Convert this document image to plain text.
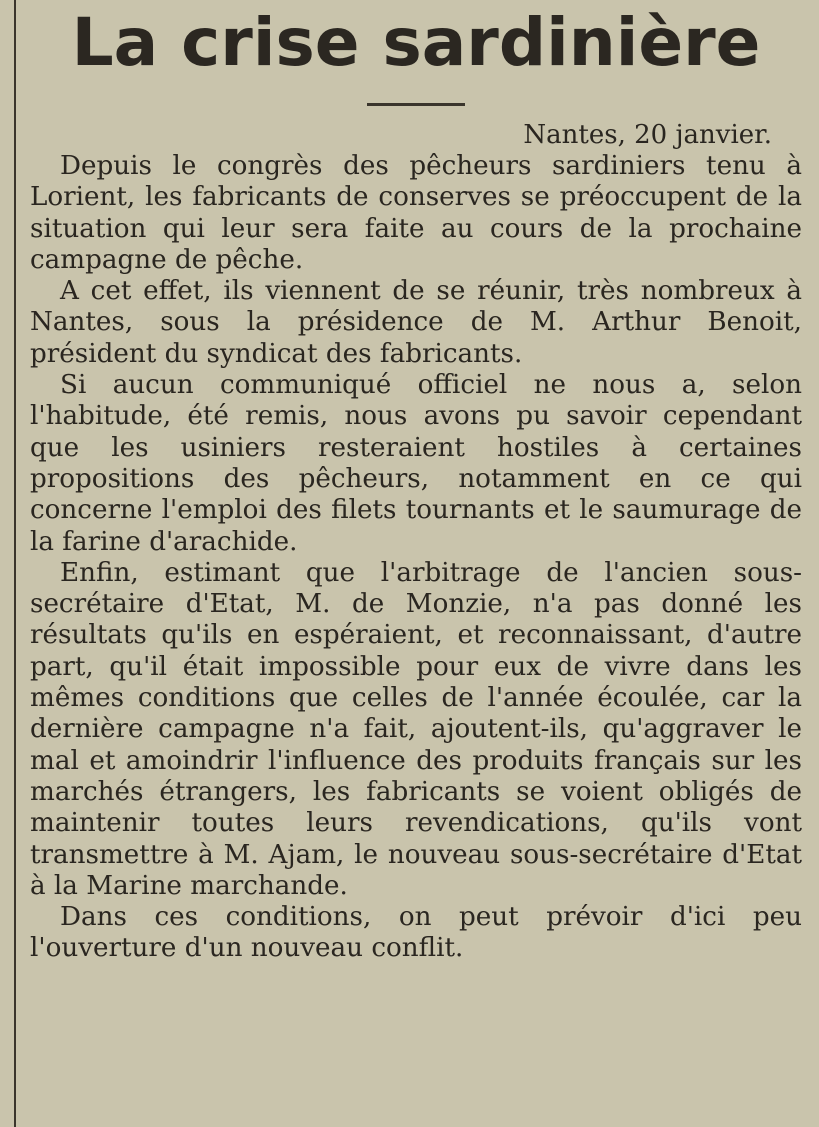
La crise sardinière
Nantes, 20 janvier.

Depuis le congrès des pêcheurs sardiniers tenu à Lorient, les fabricants de conserves se préoccupent de la situation qui leur sera faite au cours de la prochaine campagne de pêche.

A cet effet, ils viennent de se réunir, très nombreux à Nantes, sous la présidence de M. Arthur Benoit, président du syndicat des fabricants.

Si aucun communiqué officiel ne nous a, selon l'habitude, été remis, nous avons pu savoir cependant que les usiniers resteraient hostiles à certaines propositions des pêcheurs, notamment en ce qui concerne l'emploi des filets tournants et le saumurage de la farine d'arachide.

Enfin, estimant que l'arbitrage de l'ancien sous-secrétaire d'Etat, M. de Monzie, n'a pas donné les résultats qu'ils en espéraient, et reconnaissant, d'autre part, qu'il était impossible pour eux de vivre dans les mêmes conditions que celles de l'année écoulée, car la dernière campagne n'a fait, ajoutent-ils, qu'aggraver le mal et amoindrir l'influence des produits français sur les marchés étrangers, les fabricants se voient obligés de maintenir toutes leurs revendications, qu'ils vont transmettre à M. Ajam, le nouveau sous-secrétaire d'Etat à la Marine marchande.

Dans ces conditions, on peut prévoir d'ici peu l'ouverture d'un nouveau conflit.
